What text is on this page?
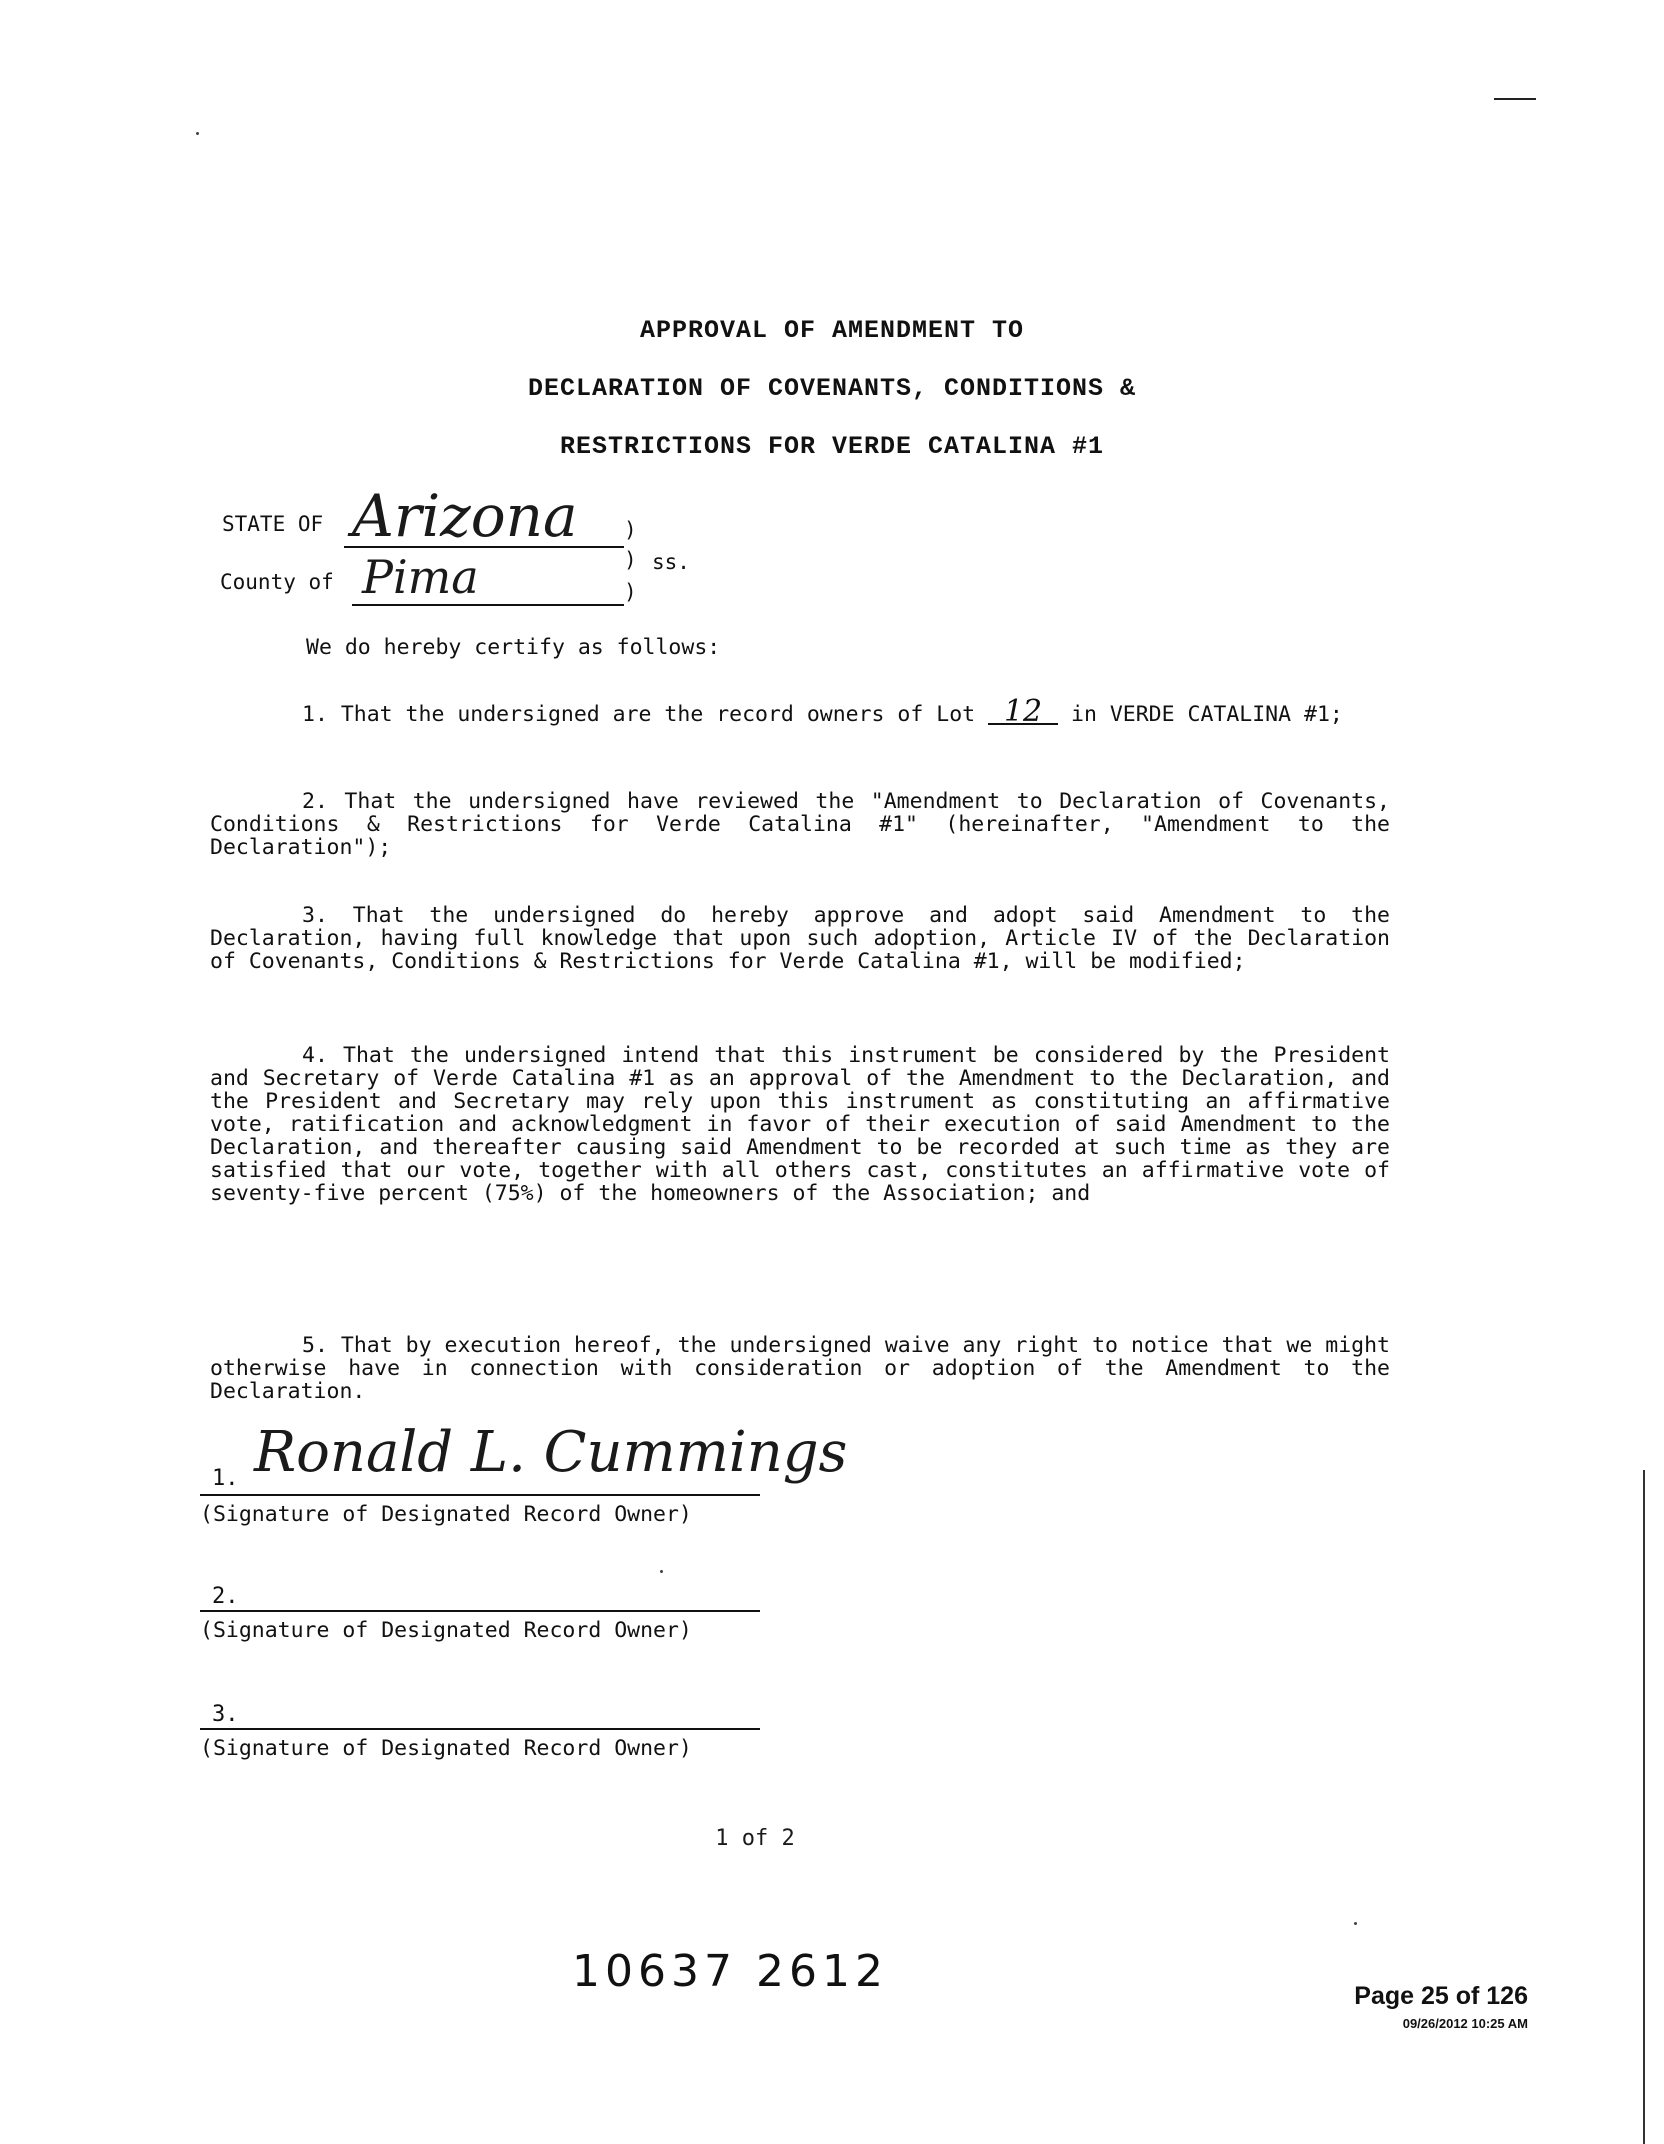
APPROVAL OF AMENDMENT TO
DECLARATION OF COVENANTS, CONDITIONS &
RESTRICTIONS FOR VERDE CATALINA #1
STATE OF Arizona )
) ss.
County of Pima	)
We do hereby certify as follows:
1. That the undersigned are the record owners of Lot 12 in VERDE CATALINA #1;
2. That the undersigned have reviewed the "Amendment to Declaration of Covenants, Conditions & Restrictions for Verde Catalina #1" (hereinafter, "Amendment to the Declaration");
3. That the undersigned do hereby approve and adopt said Amendment to the Declaration, having full knowledge that upon such adoption, Article IV of the Declaration of Covenants, Conditions & Restrictions for Verde Catalina #1, will be modified;
4. That the undersigned intend that this instrument be considered by the President and Secretary of Verde Catalina #1 as an approval of the Amendment to the Declaration, and the President and Secretary may rely upon this instrument as constituting an affirmative vote, ratification and acknowledgment in favor of their execution of said Amendment to the Declaration, and thereafter causing said Amendment to be recorded at such time as they are satisfied that our vote, together with all others cast, constitutes an affirmative vote of seventy-five percent (75%) of the homeowners of the Association; and
5. That by execution hereof, the undersigned waive any right to notice that we might otherwise have in connection with consideration or adoption of the Amendment to the Declaration.
Ronald L. Cummings
1.
(Signature of Designated Record Owner)
2.
(Signature of Designated Record Owner)
3.
(Signature of Designated Record Owner)
1 of 2
10637 2612	Page 25 of 126
09/26/2012 10:25 AM
